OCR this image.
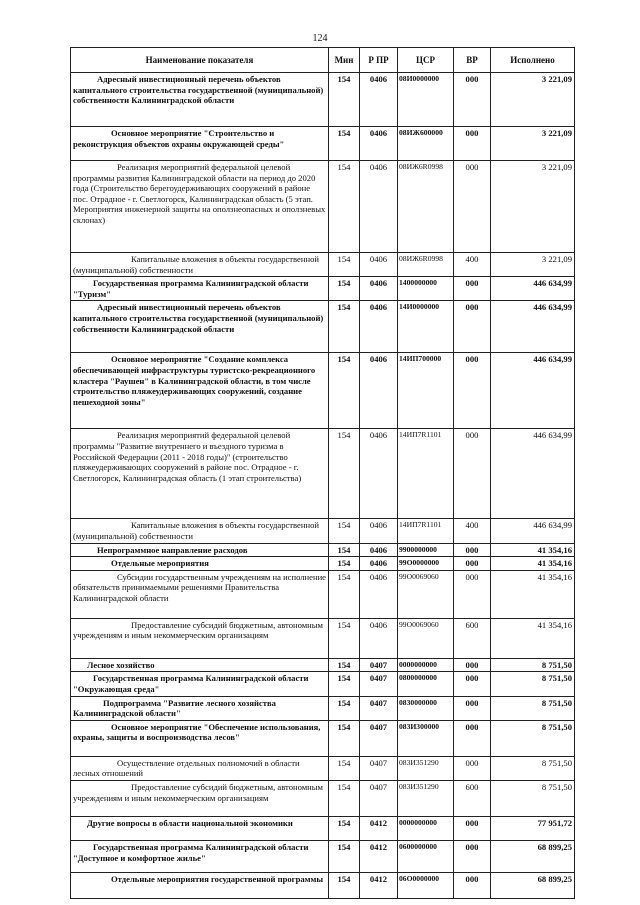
124
Наименование показателя	Мин	Р ПР	ЦСР	ВР	Исполнено
Адресный инвестиционный перечень объектов капитального строительства государственной (муниципальной) собственности Калининградской области	154	0406	08И0000000	000	3 221,09
Основное мероприятие "Строительство и реконструкция объектов охраны окружающей среды"	154	0406	08ИЖ600000	000	3 221,09
Реализация мероприятий федеральной целевой программы развития Калининградской области на период до 2020 года (Строительство берегоудерживающих сооружений в районе пос. Отрадное - г. Светлогорск, Калининградская область (5 этап. Мероприятия инженерной защиты на оползнеопасных и оползневых склонах)	154	0406	08ИЖ6R0998	000	3 221,09
Капитальные вложения в объекты государственной (муниципальной) собственности	154	0406	08ИЖ6R0998	400	3 221,09
Государственная программа Калининградской области "Туризм"	154	0406	1400000000	000	446 634,99
Адресный инвестиционный перечень объектов капитального строительства государственной (муниципальной) собственности Калининградской области	154	0406	14И0000000	000	446 634,99
Основное мероприятие "Создание комплекса обеспечивающей инфраструктуры туристско-рекреационного кластера "Раушен" в Калининградской области, в том числе строительство пляжеудерживающих сооружений, создание пешеходной зоны"	154	0406	14ИП700000	000	446 634,99
Реализация мероприятий федеральной целевой программы "Развитие внутреннего и въездного туризма в Российской Федерации (2011 - 2018 годы)" (строительство пляжеудерживающих сооружений в районе пос. Отрадное - г. Светлогорск, Калининградская область (1 этап строительства)	154	0406	14ИП7R1101	000	446 634,99
Капитальные вложения в объекты государственной (муниципальной) собственности	154	0406	14ИП7R1101	400	446 634,99
Непрограммное направление расходов	154	0406	9900000000	000	41 354,16
Отдельные мероприятия	154	0406	99О0000000	000	41 354,16
Субсидии государственным учреждениям на исполнение обязательств принимаемыми решениями Правительства Калининградской области	154	0406	99О0069060	000	41 354,16
Предоставление субсидий бюджетным, автономным учреждениям и иным некоммерческим организациям	154	0406	99О0069060	600	41 354,16
Лесное хозяйство	154	0407	0000000000	000	8 751,50
Государственная программа Калининградской области "Окружающая среда"	154	0407	0800000000	000	8 751,50
Подпрограмма "Развитие лесного хозяйства Калининградской области"	154	0407	0830000000	000	8 751,50
Основное мероприятие "Обеспечение использования, охраны, защиты и воспроизводства лесов"	154	0407	083И300000	000	8 751,50
Осуществление отдельных полномочий в области лесных отношений	154	0407	083И351290	000	8 751,50
Предоставление субсидий бюджетным, автономным учреждениям и иным некоммерческим организациям	154	0407	083И351290	600	8 751,50
Другие вопросы в области национальной экономики	154	0412	0000000000	000	77 951,72
Государственная программа Калининградской области "Доступное и комфортное жилье"	154	0412	0600000000	000	68 899,25
Отдельные мероприятия государственной программы	154	0412	06О0000000	000	68 899,25
